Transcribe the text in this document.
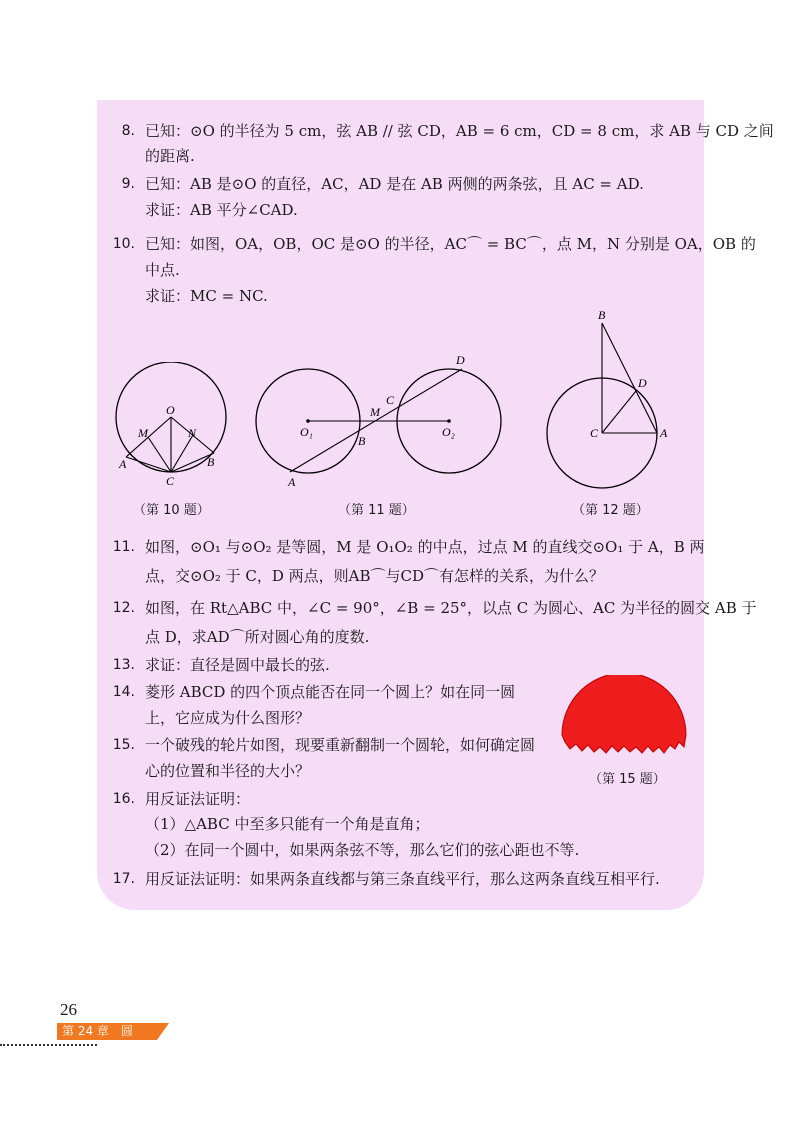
8. 已知：⊙O 的半径为 5 cm，弦 AB // 弦 CD，AB = 6 cm，CD = 8 cm，求 AB 与 CD 之间
的距离.
9. 已知：AB 是⊙O 的直径，AC，AD 是在 AB 两侧的两条弦，且 AC = AD.
求证：AB 平分∠CAD.
10. 已知：如图，OA，OB，OC 是⊙O 的半径，AC⌒ = BC⌒，点 M，N 分别是 OA，OB 的
中点.
求证：MC = NC.
O
M	N
A	B
C
（第 10 题）
D
C
M
O₁	O₂
B
A
（第 11 题）
B
D
C	A
（第 12 题）
11. 如图，⊙O₁ 与⊙O₂ 是等圆，M 是 O₁O₂ 的中点，过点 M 的直线交⊙O₁ 于 A，B 两
点，交⊙O₂ 于 C，D 两点，则AB⌒与CD⌒有怎样的关系，为什么？
12. 如图，在 Rt△ABC 中，∠C = 90°，∠B = 25°，以点 C 为圆心、AC 为半径的圆交 AB 于
点 D，求AD⌒所对圆心角的度数.
13. 求证：直径是圆中最长的弦.
14. 菱形 ABCD 的四个顶点能否在同一个圆上？如在同一圆
上，它应成为什么图形？
15. 一个破残的轮片如图，现要重新翻制一个圆轮，如何确定圆
心的位置和半径的大小？	（第 15 题）
16. 用反证法证明：
（1）△ABC 中至多只能有一个角是直角；
（2）在同一个圆中，如果两条弦不等，那么它们的弦心距也不等.
17. 用反证法证明：如果两条直线都与第三条直线平行，那么这两条直线互相平行.
26
第 24 章　圆
